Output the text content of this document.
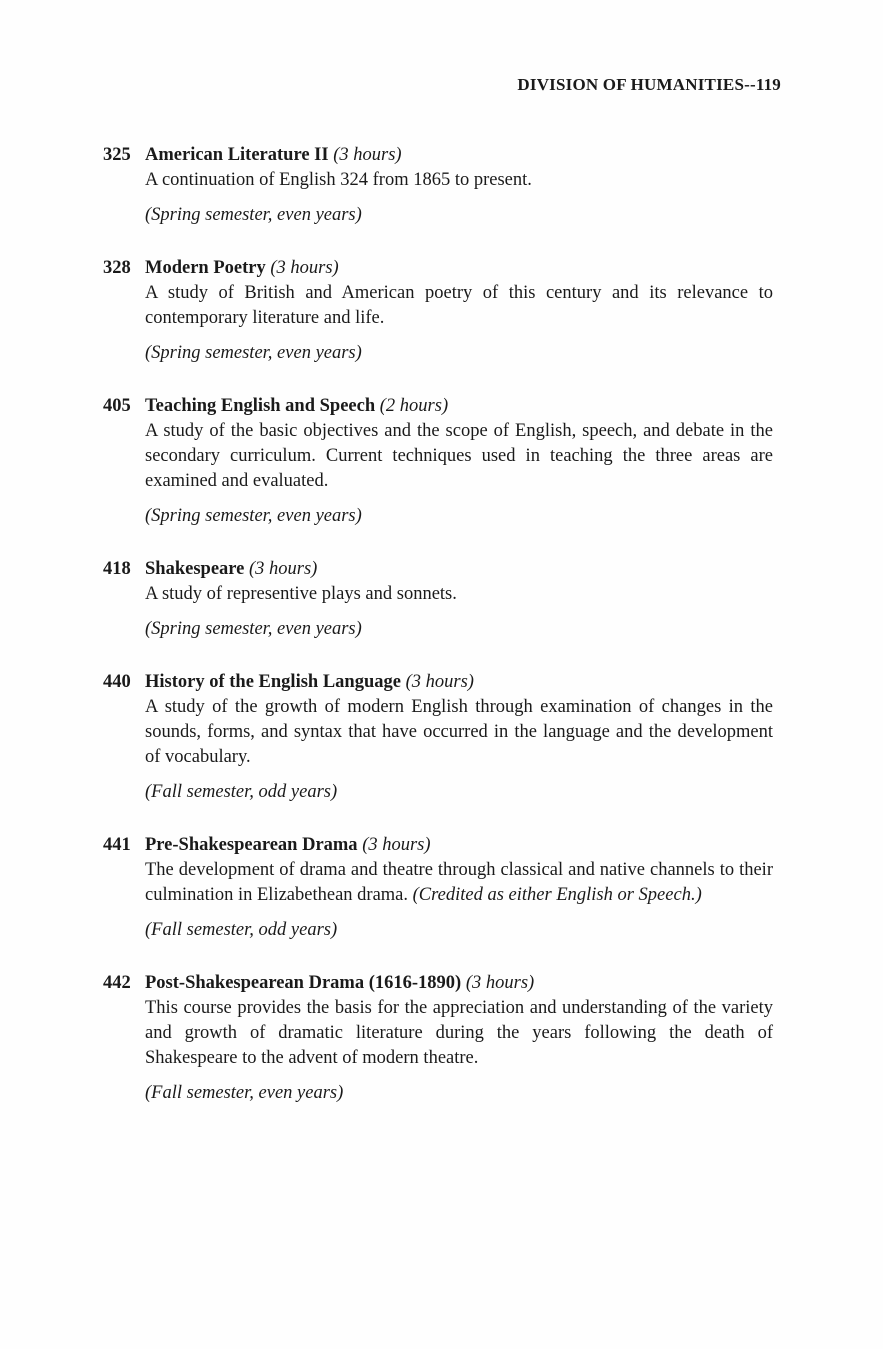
DIVISION OF HUMANITIES--119
325 American Literature II (3 hours)

A continuation of English 324 from 1865 to present.

(Spring semester, even years)
328 Modern Poetry (3 hours)

A study of British and American poetry of this century and its relevance to contemporary literature and life.

(Spring semester, even years)
405 Teaching English and Speech (2 hours)

A study of the basic objectives and the scope of English, speech, and debate in the secondary curriculum. Current techniques used in teaching the three areas are examined and evaluated.

(Spring semester, even years)
418 Shakespeare (3 hours)

A study of representive plays and sonnets.

(Spring semester, even years)
440 History of the English Language (3 hours)

A study of the growth of modern English through examination of changes in the sounds, forms, and syntax that have occurred in the language and the development of vocabulary.

(Fall semester, odd years)
441 Pre-Shakespearean Drama (3 hours)

The development of drama and theatre through classical and native channels to their culmination in Elizabethean drama. (Credited as either English or Speech.)

(Fall semester, odd years)
442 Post-Shakespearean Drama (1616-1890) (3 hours)

This course provides the basis for the appreciation and understanding of the variety and growth of dramatic literature during the years following the death of Shakespeare to the advent of modern theatre.

(Fall semester, even years)
